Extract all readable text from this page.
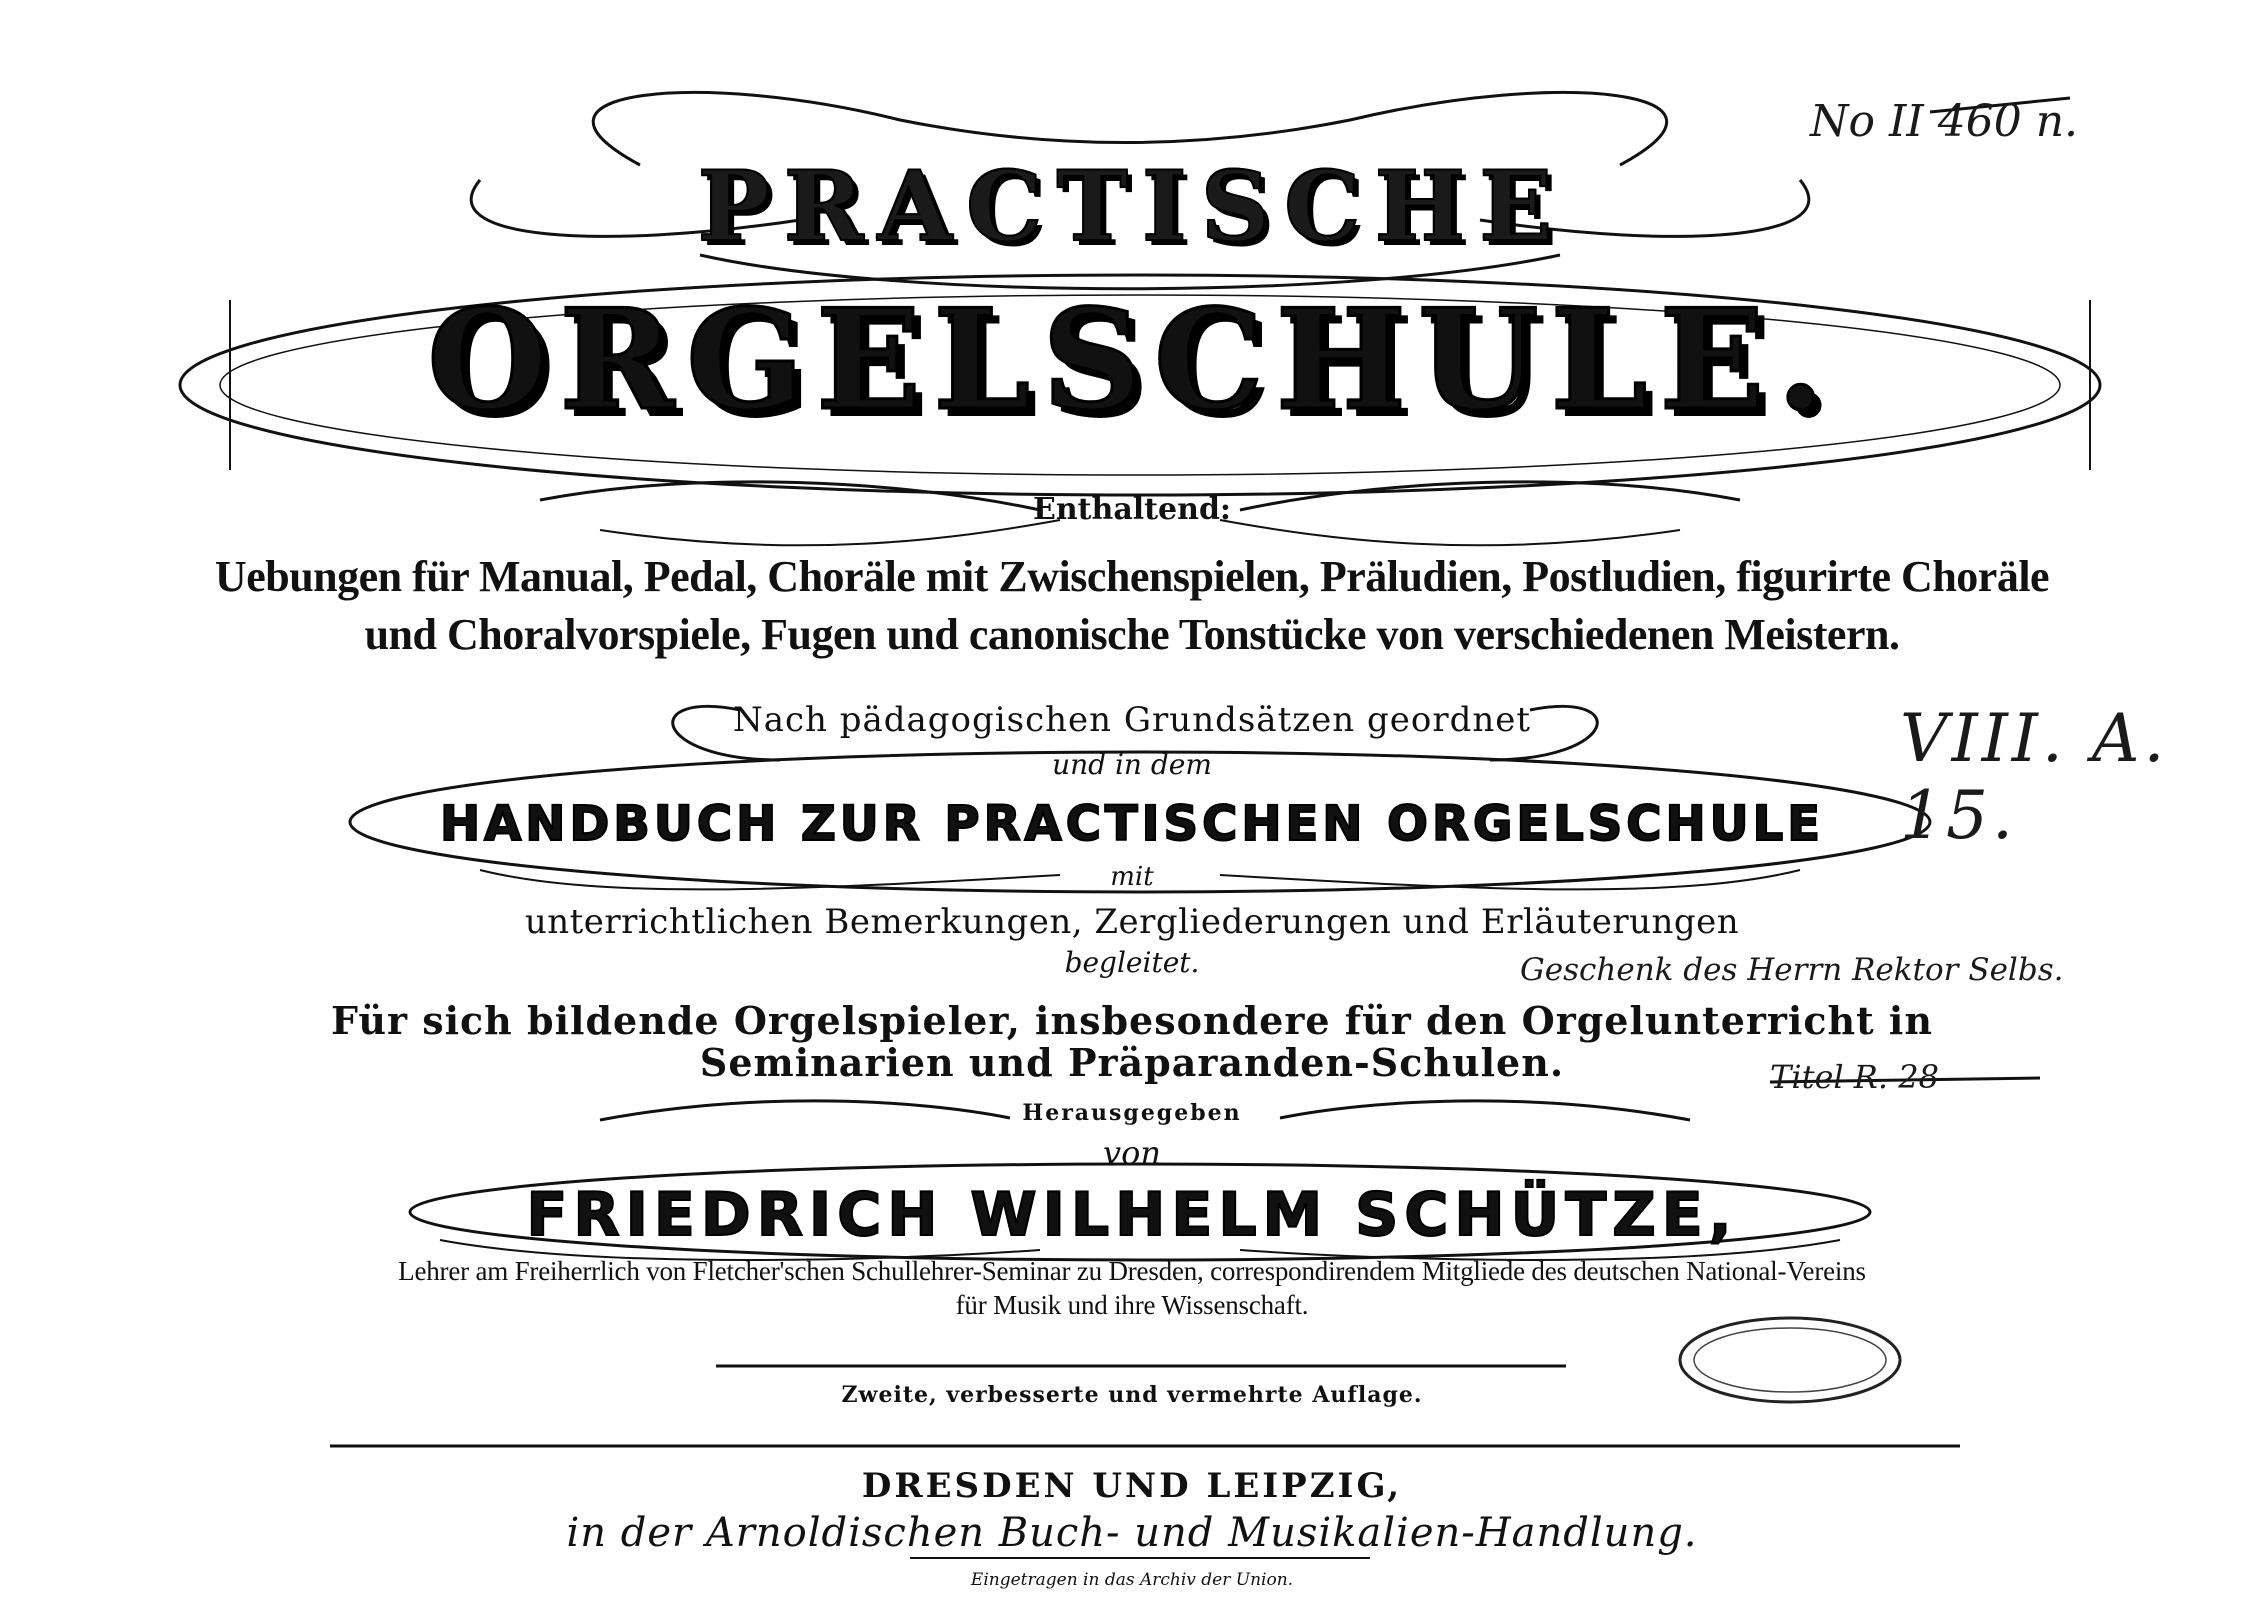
PRACTISCHE
ORGELSCHULE.
Enthaltend:
Uebungen für Manual, Pedal, Choräle mit Zwischenspielen, Präludien, Postludien, figurirte Choräle
und Choralvorspiele, Fugen und canonische Tonstücke von verschiedenen Meistern.
Nach pädagogischen Grundsätzen geordnet
und in dem
HANDBUCH ZUR PRACTISCHEN ORGELSCHULE
mit
unterrichtlichen Bemerkungen, Zergliederungen und Erläuterungen
begleitet.
Für sich bildende Orgelspieler, insbesondere für den Orgelunterricht in
Seminarien und Präparanden-Schulen.
Herausgegeben
von
FRIEDRICH WILHELM SCHÜTZE,
Lehrer am Freiherrlich von Fletcher'schen Schullehrer-Seminar zu Dresden, correspondirendem Mitgliede des deutschen National-Vereins
für Musik und ihre Wissenschaft.
Zweite, verbesserte und vermehrte Auflage.
DRESDEN UND LEIPZIG,
in der Arnoldischen Buch- und Musikalien-Handlung.
Eingetragen in das Archiv der Union.
No II 460 n.
VIII. A. 15.
Geschenk des Herrn Rektor Selbs.
Titel R. 28
